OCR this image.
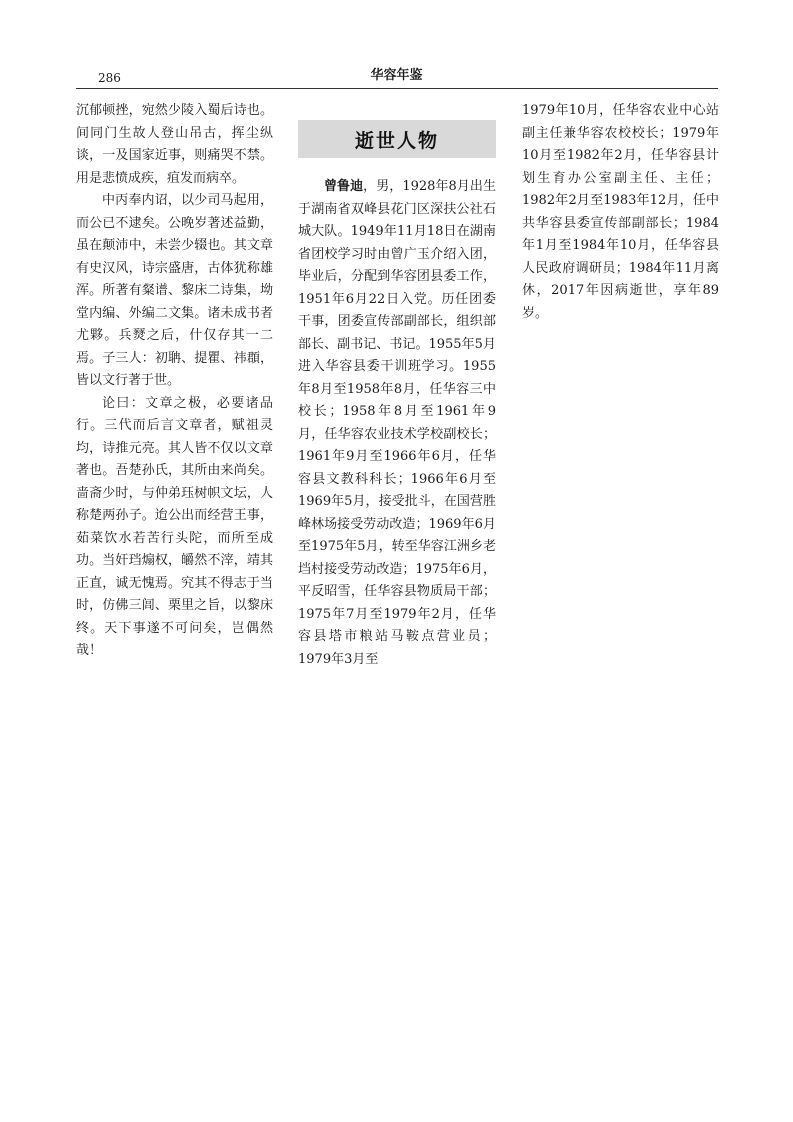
286	华容年鉴

沉郁顿挫，宛然少陵入蜀后诗也。间同门生故人登山吊古，挥尘纵谈，一及国家近事，则痛哭不禁。用是悲愤成疾，疽发而病卒。

中丙奉内诏，以少司马起用，而公已不逮矣。公晚岁著述益勤，虽在颠沛中，未尝少辍也。其文章有史汉风，诗宗盛唐，古体犹称雄浑。所著有粲谱、黎床二诗集，坳堂内编、外编二文集。诸未成书者尤夥。兵燹之后，什仅存其一二焉。子三人：初聃、提瞿、祎頵，皆以文行著于世。

论曰：文章之极，必要诸品行。三代而后言文章者，赋祖灵均，诗推元亮。其人皆不仅以文章著也。吾楚孙氏，其所由来尚矣。啬斋少时，与仲弟珏树帜文坛，人称楚两孙子。迨公出而经营王事，茹菜饮水若苦行头陀，而所至成功。当奸珰煽权，皭然不滓，靖其正直，诚无愧焉。究其不得志于当时，仿佛三闾、栗里之旨，以黎床终。天下事遂不可问矣，岂偶然哉！

逝世人物

曾鲁迪，男，1928年8月出生于湖南省双峰县花门区深扶公社石城大队。1949年11月18日在湖南省团校学习时由曾广玉介绍入团，毕业后，分配到华容团县委工作，1951年6月22日入党。历任团委干事，团委宣传部副部长，组织部部长、副书记、书记。1955年5月进入华容县委干训班学习。1955年8月至1958年8月，任华容三中校长；1958年8月至1961年9月，任华容农业技术学校副校长；1961年9月至1966年6月，任华容县文教科科长；1966年6月至1969年5月，接受批斗，在国营胜峰林场接受劳动改造；1969年6月至1975年5月，转至华容江洲乡老垱村接受劳动改造；1975年6月，平反昭雪，任华容县物质局干部；1975年7月至1979年2月，任华容县塔市粮站马鞍点营业员；1979年3月至

1979年10月，任华容农业中心站副主任兼华容农校校长；1979年10月至1982年2月，任华容县计划生育办公室副主任、主任；1982年2月至1983年12月，任中共华容县委宣传部副部长；1984年1月至1984年10月，任华容县人民政府调研员；1984年11月离休，2017年因病逝世，享年89岁。
